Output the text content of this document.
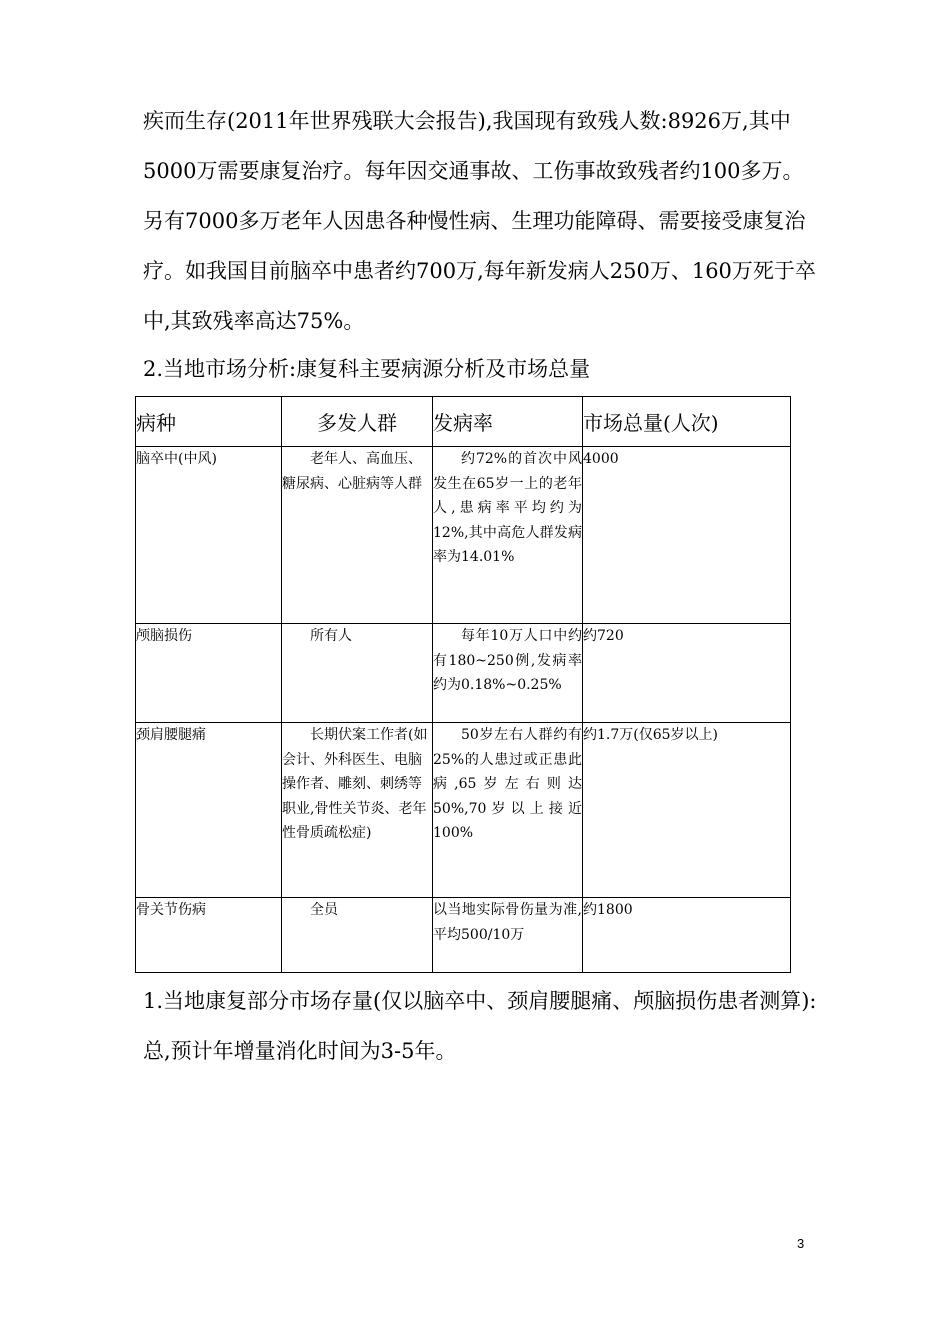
疾而生存(2011年世界残联大会报告),我国现有致残人数:8926万,其中5000万需要康复治疗。每年因交通事故、工伤事故致残者约100多万。另有7000多万老年人因患各种慢性病、生理功能障碍、需要接受康复治疗。如我国目前脑卒中患者约700万,每年新发病人250万、160万死于卒中,其致残率高达75%。

2.当地市场分析:康复科主要病源分析及市场总量

病种	多发人群	发病率	市场总量(人次)
脑卒中(中风)	老年人、高血压、糖尿病、心脏病等人群	约72%的首次中风发生在65岁一上的老年人,患病率平均约为12%,其中高危人群发病率为14.01%	4000
颅脑损伤	所有人	每年10万人口中约有180~250例,发病率约为0.18%~0.25%	约720
颈肩腰腿痛	长期伏案工作者(如会计、外科医生、电脑操作者、雕刻、刺绣等职业,骨性关节炎、老年性骨质疏松症)	50岁左右人群约有25%的人患过或正患此病,65岁左右则达50%,70岁以上接近100%	约1.7万(仅65岁以上)
骨关节伤病	全员	以当地实际骨伤量为准,平均500/10万	约1800

1.当地康复部分市场存量(仅以脑卒中、颈肩腰腿痛、颅脑损伤患者测算):总,预计年增量消化时间为3-5年。

3
